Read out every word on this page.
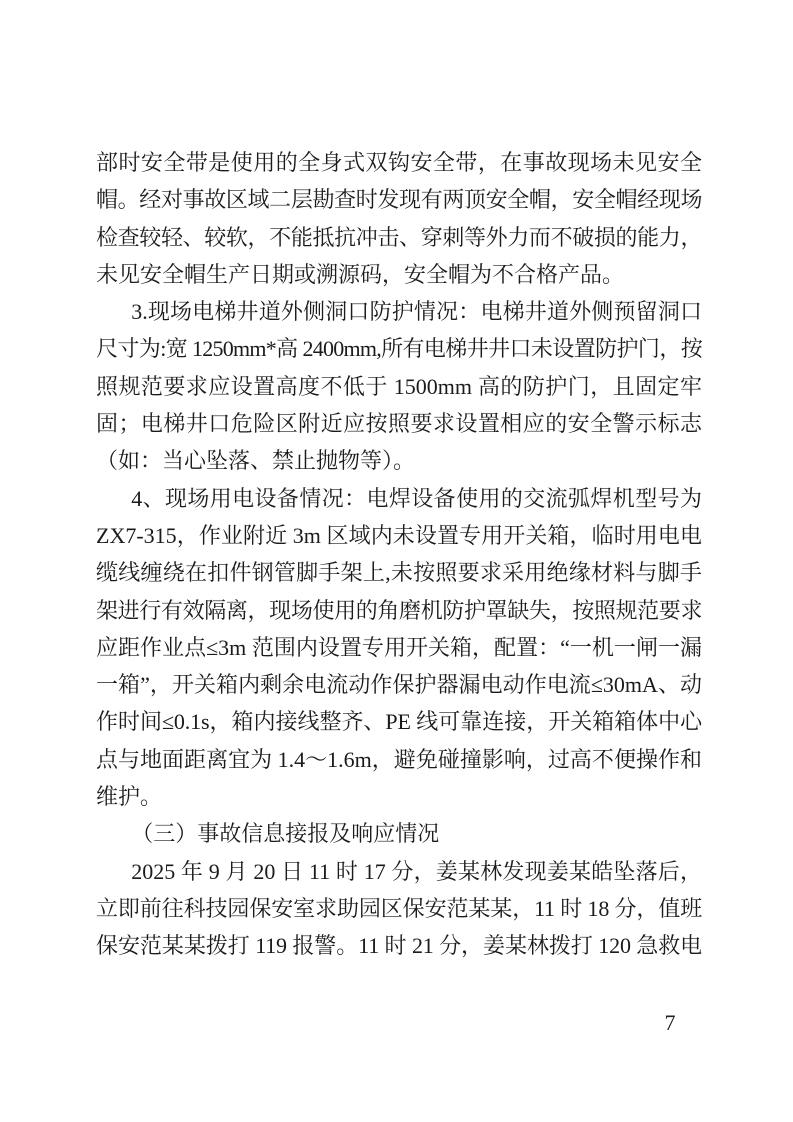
部时安全带是使用的全身式双钩安全带，在事故现场未见安全
帽。经对事故区域二层勘查时发现有两顶安全帽，安全帽经现场
检查较轻、较软，不能抵抗冲击、穿刺等外力而不破损的能力，
未见安全帽生产日期或溯源码，安全帽为不合格产品。
3.现场电梯井道外侧洞口防护情况：电梯井道外侧预留洞口
尺寸为:宽 1250mm*高 2400mm,所有电梯井井口未设置防护门，按
照规范要求应设置高度不低于 1500mm 高的防护门，且固定牢
固；电梯井口危险区附近应按照要求设置相应的安全警示标志
（如：当心坠落、禁止抛物等）。
4、现场用电设备情况：电焊设备使用的交流弧焊机型号为
ZX7-315，作业附近 3m 区域内未设置专用开关箱，临时用电电
缆线缠绕在扣件钢管脚手架上,未按照要求采用绝缘材料与脚手
架进行有效隔离，现场使用的角磨机防护罩缺失，按照规范要求
应距作业点≤3m 范围内设置专用开关箱，配置：“一机一闸一漏
一箱”，开关箱内剩余电流动作保护器漏电动作电流≤30mA、动
作时间≤0.1s，箱内接线整齐、PE 线可靠连接，开关箱箱体中心
点与地面距离宜为 1.4～1.6m，避免碰撞影响，过高不便操作和
维护。
（三）事故信息接报及响应情况
2025 年 9 月 20 日 11 时 17 分，姜某林发现姜某皓坠落后，
立即前往科技园保安室求助园区保安范某某，11 时 18 分，值班
保安范某某拨打 119 报警。11 时 21 分，姜某林拨打 120 急救电
7
